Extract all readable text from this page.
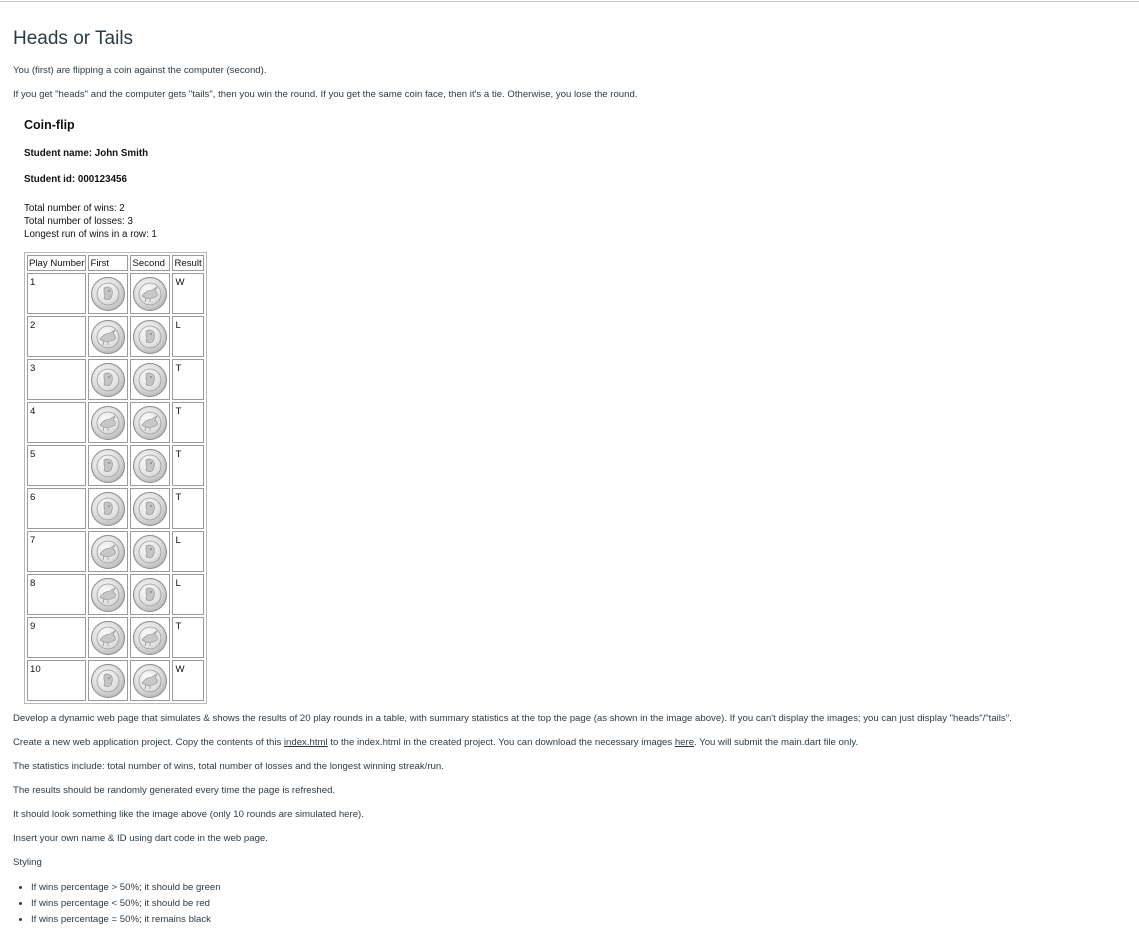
Heads or Tails

You (first) are flipping a coin against the computer (second).

If you get "heads" and the computer gets "tails", then you win the round. If you get the same coin face, then it's a tie. Otherwise, you lose the round.

Coin-flip
Student name: John Smith
Student id: 000123456
Total number of wins: 2
Total number of losses: 3
Longest run of wins in a row: 1
Play Number	First	Second	Result
1			W
2			L
3			T
4			T
5			T
6			T
7			L
8			L
9			T
10			W

Develop a dynamic web page that simulates & shows the results of 20 play rounds in a table, with summary statistics at the top the page (as shown in the image above). If you can't display the images; you can just display "heads"/"tails".

Create a new web application project. Copy the contents of this index.html to the index.html in the created project. You can download the necessary images here. You will submit the main.dart file only.

The statistics include: total number of wins, total number of losses and the longest winning streak/run.

The results should be randomly generated every time the page is refreshed.

It should look something like the image above (only 10 rounds are simulated here).

Insert your own name & ID using dart code in the web page.

Styling

• If wins percentage > 50%; it should be green
• If wins percentage < 50%; it should be red
• If wins percentage = 50%; it remains black
